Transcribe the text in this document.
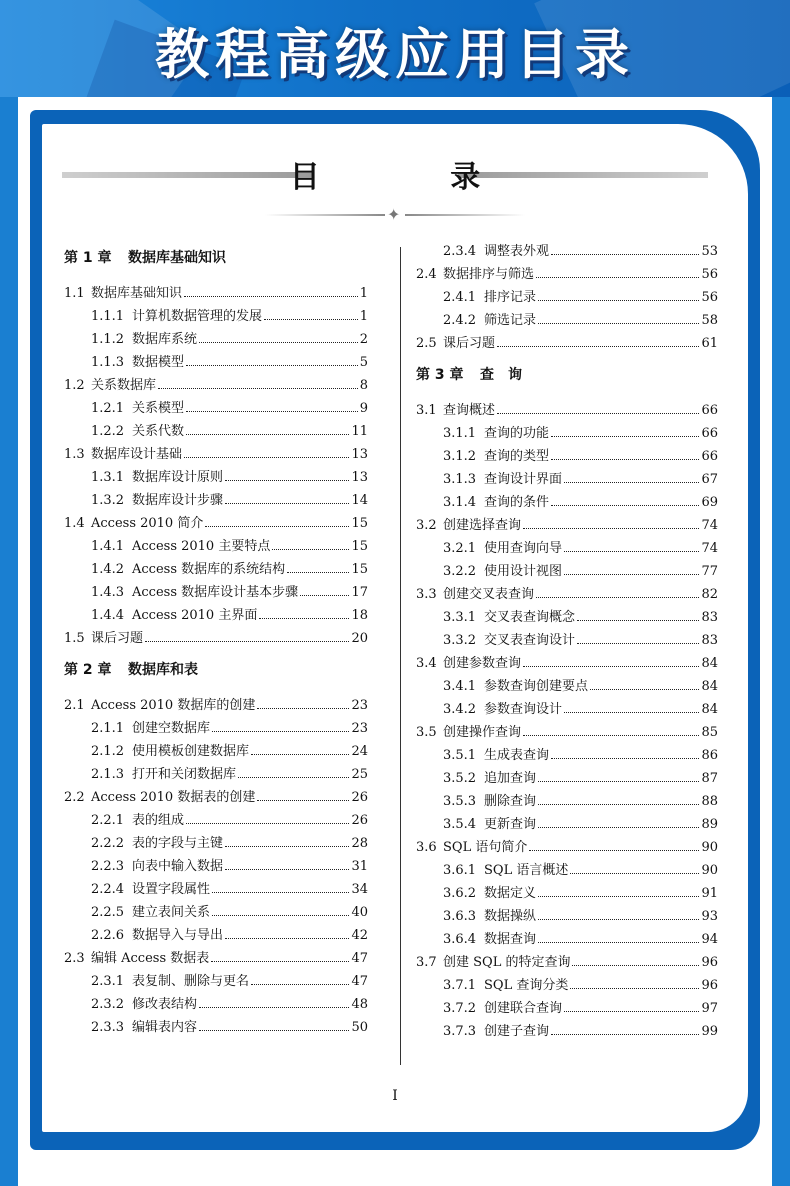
教程高级应用目录
目 录
✦
第 1 章 数据库基础知识
1.1 数据库基础知识	1
1.1.1 计算机数据管理的发展	1
1.1.2 数据库系统	2
1.1.3 数据模型	5
1.2 关系数据库	8
1.2.1 关系模型	9
1.2.2 关系代数	11
1.3 数据库设计基础	13
1.3.1 数据库设计原则	13
1.3.2 数据库设计步骤	14
1.4 Access 2010 简介	15
1.4.1 Access 2010 主要特点	15
1.4.2 Access 数据库的系统结构	15
1.4.3 Access 数据库设计基本步骤	17
1.4.4 Access 2010 主界面	18
1.5 课后习题	20
第 2 章 数据库和表
2.1 Access 2010 数据库的创建	23
2.1.1 创建空数据库	23
2.1.2 使用模板创建数据库	24
2.1.3 打开和关闭数据库	25
2.2 Access 2010 数据表的创建	26
2.2.1 表的组成	26
2.2.2 表的字段与主键	28
2.2.3 向表中输入数据	31
2.2.4 设置字段属性	34
2.2.5 建立表间关系	40
2.2.6 数据导入与导出	42
2.3 编辑 Access 数据表	47
2.3.1 表复制、删除与更名	47
2.3.2 修改表结构	48
2.3.3 编辑表内容	50
2.3.4 调整表外观	53
2.4 数据排序与筛选	56
2.4.1 排序记录	56
2.4.2 筛选记录	58
2.5 课后习题	61
第 3 章 查　询
3.1 查询概述	66
3.1.1 查询的功能	66
3.1.2 查询的类型	66
3.1.3 查询设计界面	67
3.1.4 查询的条件	69
3.2 创建选择查询	74
3.2.1 使用查询向导	74
3.2.2 使用设计视图	77
3.3 创建交叉表查询	82
3.3.1 交叉表查询概念	83
3.3.2 交叉表查询设计	83
3.4 创建参数查询	84
3.4.1 参数查询创建要点	84
3.4.2 参数查询设计	84
3.5 创建操作查询	85
3.5.1 生成表查询	86
3.5.2 追加查询	87
3.5.3 删除查询	88
3.5.4 更新查询	89
3.6 SQL 语句简介	90
3.6.1 SQL 语言概述	90
3.6.2 数据定义	91
3.6.3 数据操纵	93
3.6.4 数据查询	94
3.7 创建 SQL 的特定查询	96
3.7.1 SQL 查询分类	96
3.7.2 创建联合查询	97
3.7.3 创建子查询	99
I
